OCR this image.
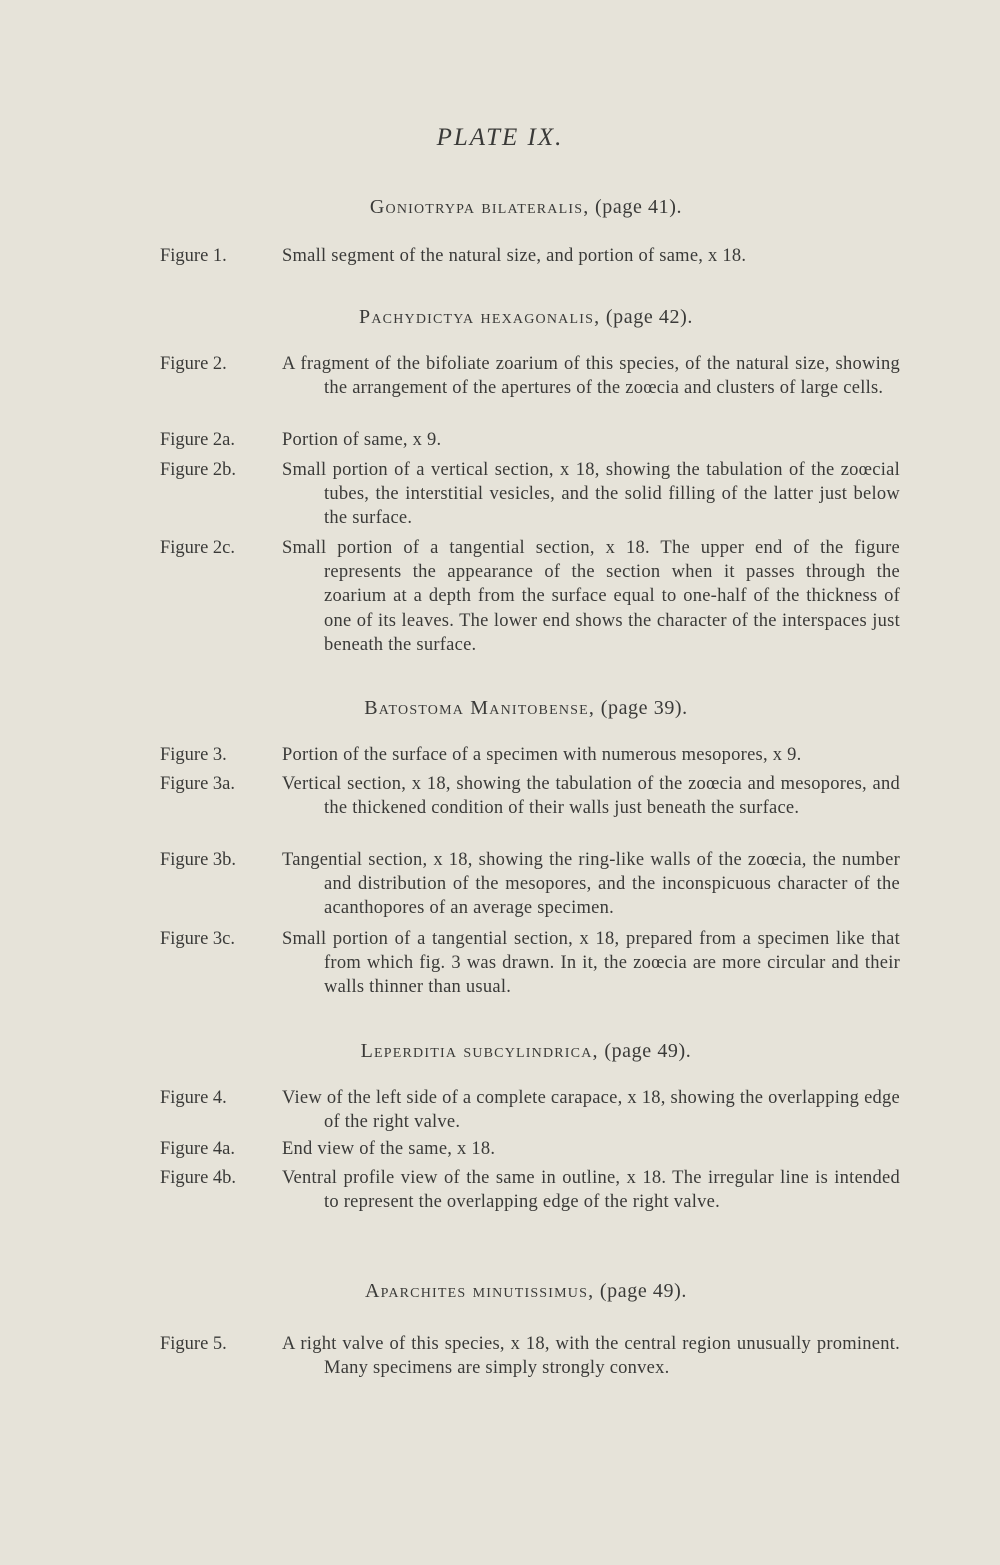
PLATE IX.
Goniotrypa bilateralis, (page 41).
Figure 1.	Small segment of the natural size, and portion of same, x 18.
Pachydictya hexagonalis, (page 42).
Figure 2.	A fragment of the bifoliate zoarium of this species, of the natural size, showing the arrangement of the apertures of the zoœcia and clusters of large cells.
Figure 2a.	Portion of same, x 9.
Figure 2b.	Small portion of a vertical section, x 18, showing the tabulation of the zoœcial tubes, the interstitial vesicles, and the solid filling of the latter just below the surface.
Figure 2c.	Small portion of a tangential section, x 18. The upper end of the figure represents the appearance of the section when it passes through the zoarium at a depth from the surface equal to one-half of the thickness of one of its leaves. The lower end shows the character of the interspaces just beneath the surface.
Batostoma Manitobense, (page 39).
Figure 3.	Portion of the surface of a specimen with numerous mesopores, x 9.
Figure 3a.	Vertical section, x 18, showing the tabulation of the zoœcia and mesopores, and the thickened condition of their walls just beneath the surface.
Figure 3b.	Tangential section, x 18, showing the ring-like walls of the zoœcia, the number and distribution of the mesopores, and the inconspicuous character of the acanthopores of an average specimen.
Figure 3c.	Small portion of a tangential section, x 18, prepared from a specimen like that from which fig. 3 was drawn. In it, the zoœcia are more circular and their walls thinner than usual.
Leperditia subcylindrica, (page 49).
Figure 4.	View of the left side of a complete carapace, x 18, showing the overlapping edge of the right valve.
Figure 4a.	End view of the same, x 18.
Figure 4b.	Ventral profile view of the same in outline, x 18. The irregular line is intended to represent the overlapping edge of the right valve.
Aparchites minutissimus, (page 49).
Figure 5.	A right valve of this species, x 18, with the central region unusually prominent. Many specimens are simply strongly convex.
